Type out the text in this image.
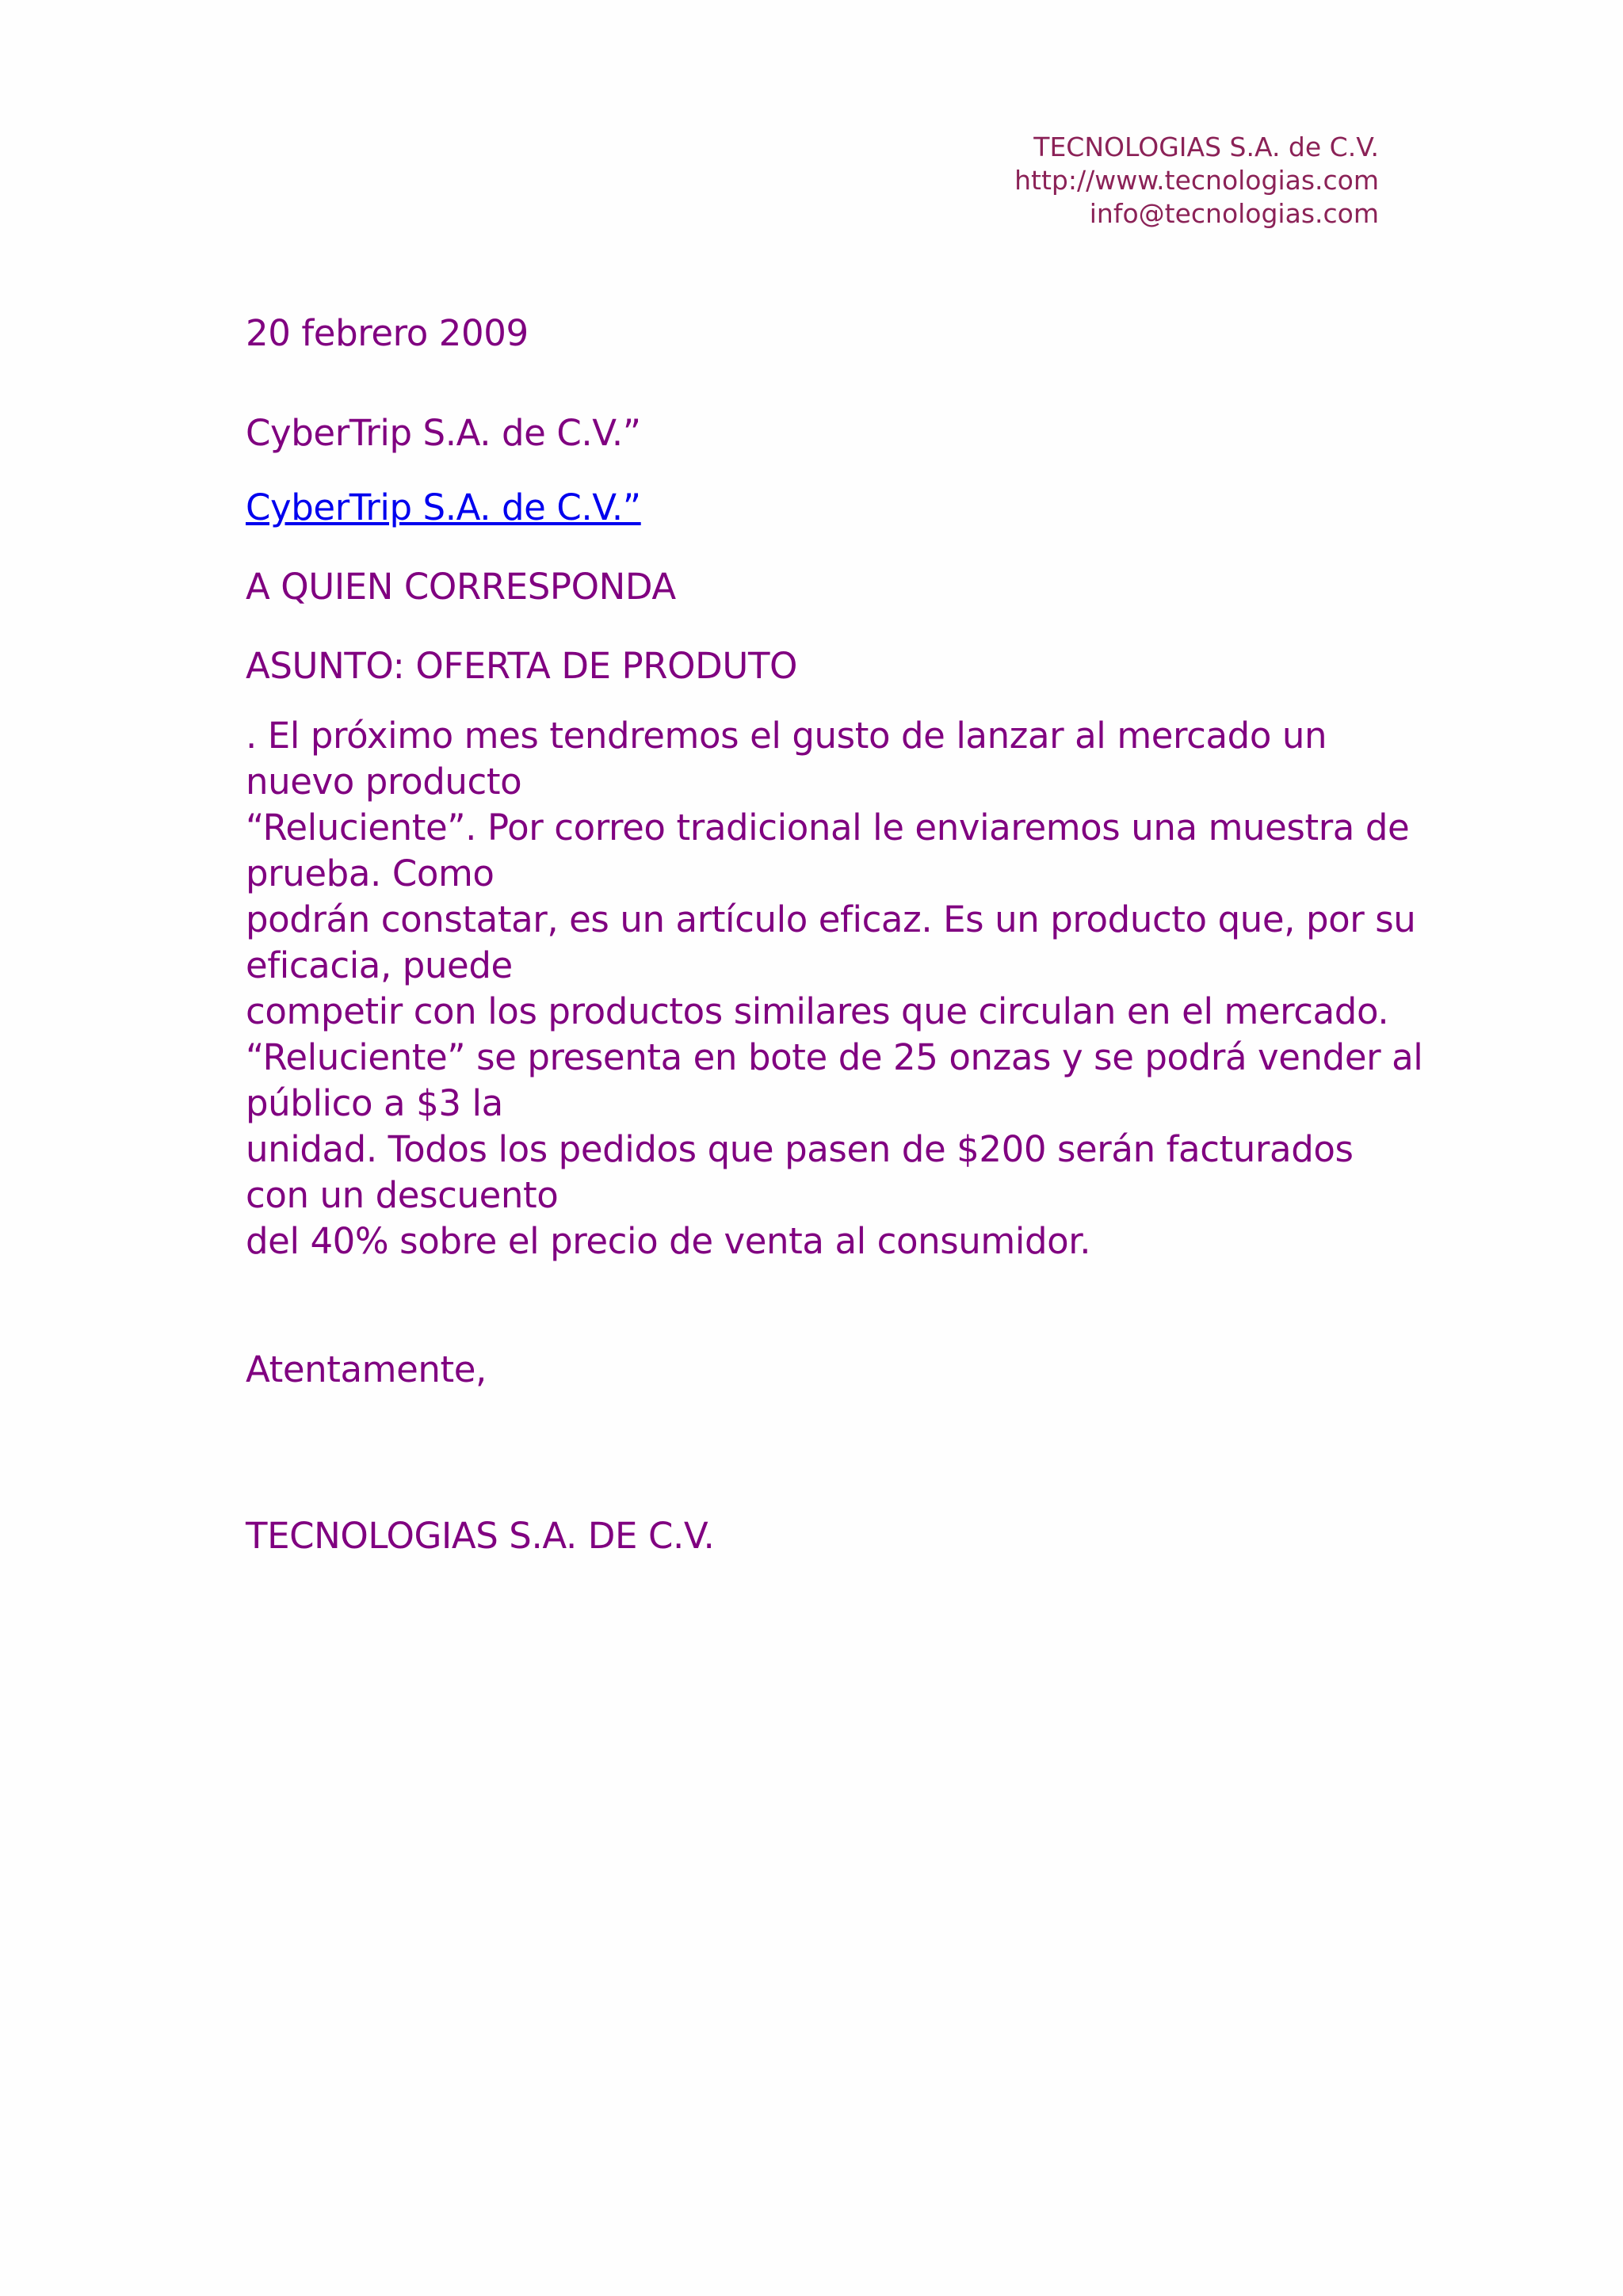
TECNOLOGIAS S.A. de C.V.
http://www.tecnologias.com
info@tecnologias.com
20 febrero 2009
CyberTrip S.A. de C.V.”
CyberTrip S.A. de C.V.”
A QUIEN CORRESPONDA
ASUNTO: OFERTA DE PRODUTO
. El próximo mes tendremos el gusto de lanzar al mercado un
nuevo producto
“Reluciente”. Por correo tradicional le enviaremos una muestra de
prueba. Como
podrán constatar, es un artículo eficaz. Es un producto que, por su
eficacia, puede
competir con los productos similares que circulan en el mercado.
“Reluciente” se presenta en bote de 25 onzas y se podrá vender al
público a $3 la
unidad. Todos los pedidos que pasen de $200 serán facturados
con un descuento
del 40% sobre el precio de venta al consumidor.
Atentamente,
TECNOLOGIAS S.A. DE C.V.
